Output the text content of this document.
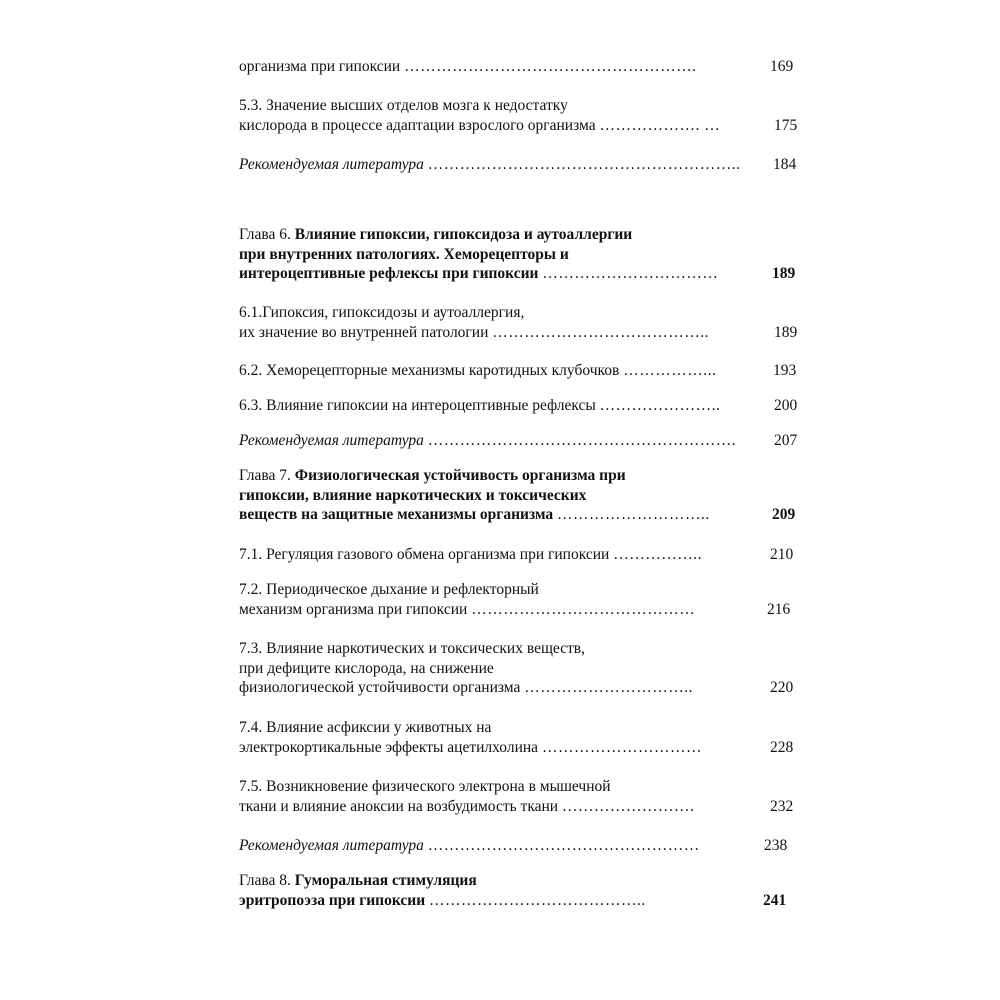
организма при гипоксии ……………………………………………….	169
5.3. Значение высших отделов мозга к недостатку
кислорода в процессе адаптации взрослого организма ………………. …	175
Рекомендуемая литература ………………………………………………….. 184
Глава 6. Влияние гипоксии, гипоксидоза и аутоаллергии
при внутренних патологиях. Хеморецепторы и
интероцептивные рефлексы при гипоксии ……………………………	189
6.1.Гипоксия, гипоксидозы и аутоаллергия,
их значение во внутренней патологии …………………………………..	189
6.2. Хеморецепторные механизмы каротидных клубочков ……………...	193
6.3. Влияние гипоксии на интероцептивные рефлексы …………………..	200
Рекомендуемая литература …………………………………………………. 207
Глава 7. Физиологическая устойчивость организма при
гипоксии, влияние наркотических и токсических
веществ на защитные механизмы организма ………………………..	209
7.1. Регуляция газового обмена организма при гипоксии ……………..	210
7.2. Периодическое дыхание и рефлекторный
механизм организма при гипоксии ……………………………………	216
7.3. Влияние наркотических и токсических веществ,
при дефиците кислорода, на снижение
физиологической устойчивости организма …………………………..	220
7.4. Влияние асфиксии у животных на
электрокортикальные эффекты ацетилхолина …………………………	228
7.5. Возникновение физического электрона в мышечной
ткани и влияние аноксии на возбудимость ткани …………………….	232
Рекомендуемая литература ……………………………………………	238
Глава 8. Гуморальная стимуляция
эритропоэза при гипоксии …………………………………..	241
